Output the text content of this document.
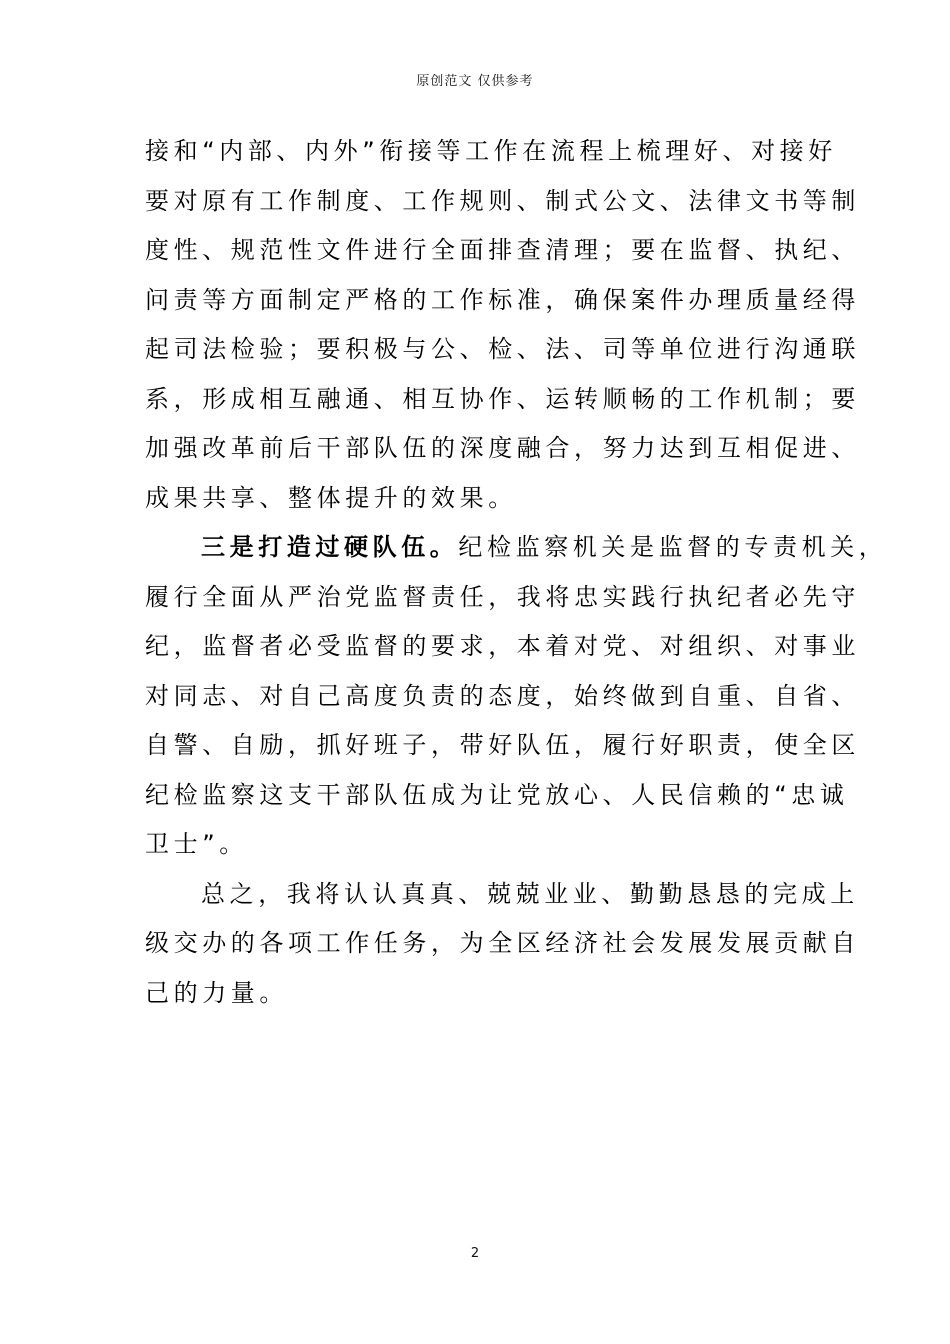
原创范文 仅供参考
接和“内部、内外”衔接等工作在流程上梳理好、对接好
要对原有工作制度、工作规则、制式公文、法律文书等制
度性、规范性文件进行全面排查清理；要在监督、执纪、
问责等方面制定严格的工作标准，确保案件办理质量经得
起司法检验；要积极与公、检、法、司等单位进行沟通联
系，形成相互融通、相互协作、运转顺畅的工作机制；要
加强改革前后干部队伍的深度融合，努力达到互相促进、
成果共享、整体提升的效果。
三是打造过硬队伍。纪检监察机关是监督的专责机关，
履行全面从严治党监督责任，我将忠实践行执纪者必先守
纪，监督者必受监督的要求，本着对党、对组织、对事业
对同志、对自己高度负责的态度，始终做到自重、自省、
自警、自励，抓好班子，带好队伍，履行好职责，使全区
纪检监察这支干部队伍成为让党放心、人民信赖的“忠诚
卫士”。
总之，我将认认真真、兢兢业业、勤勤恳恳的完成上
级交办的各项工作任务，为全区经济社会发展发展贡献自
己的力量。
2
